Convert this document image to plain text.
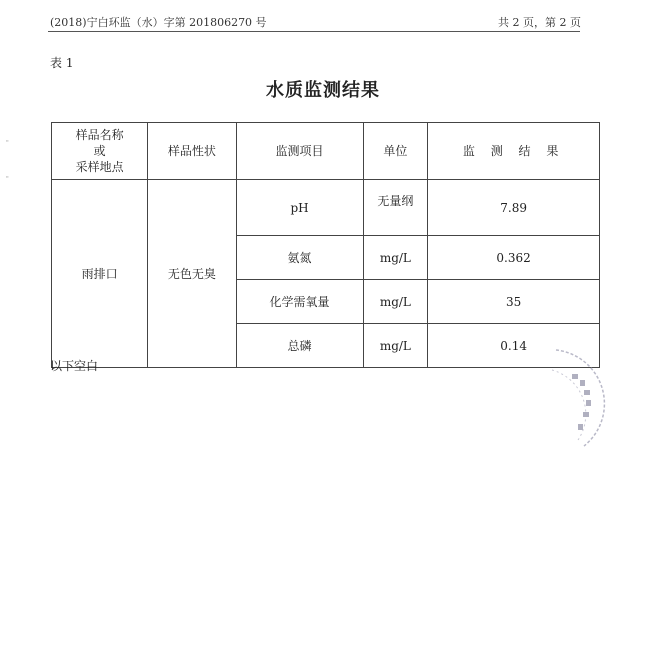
(2018)宁白环监（水）字第 201806270 号	共 2 页，第 2 页
"
"
表 1
水质监测结果
样品名称
或
采样地点	样品性状	监测项目	单位	监 测 结 果
雨排口	无色无臭	pH	无量纲	7.89
		氨氮	mg/L	0.362
		化学需氧量	mg/L	35
		总磷	mg/L	0.14
以下空白
